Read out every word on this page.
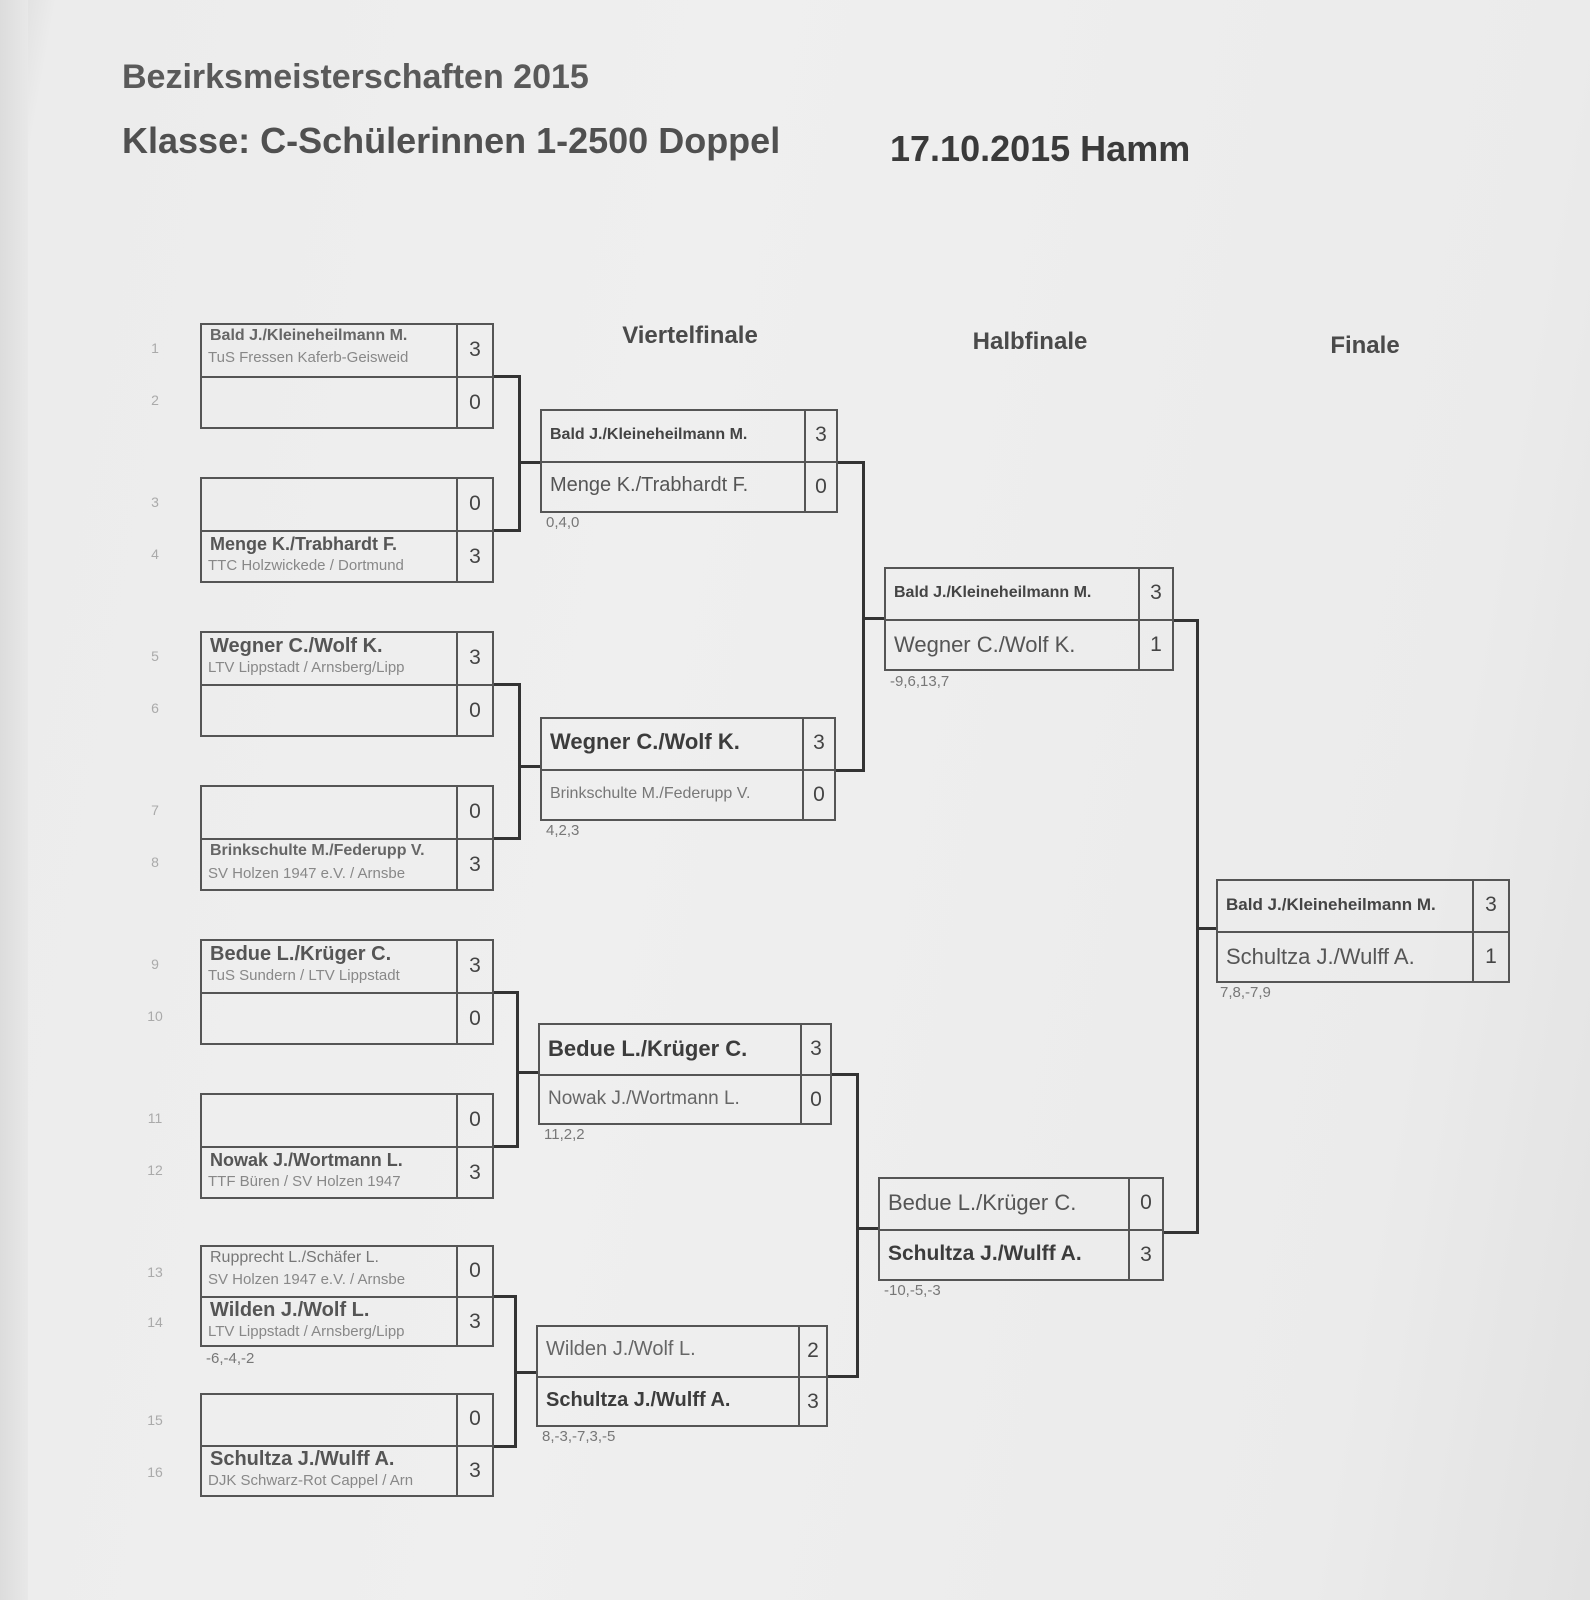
Bezirksmeisterschaften 2015
Klasse: C-Schülerinnen 1-2500 Doppel	17.10.2015 Hamm
Viertelfinale	Halbfinale	Finale
1
2
Bald J./Kleineheilmann M.
TuS Fressen Kaferb-Geisweid	3
0
3
4
0
Menge K./Trabhardt F.
TTC Holzwickede / Dortmund	3
5
6
Wegner C./Wolf K.
LTV Lippstadt / Arnsberg/Lipp	3
0
7
8
0
Brinkschulte M./Federupp V.
SV Holzen 1947 e.V. / Arnsbe	3
9
10
Bedue L./Krüger C.
TuS Sundern / LTV Lippstadt	3
0
11
12
0
Nowak J./Wortmann L.
TTF Büren / SV Holzen 1947	3
13
14
Rupprecht L./Schäfer L.
SV Holzen 1947 e.V. / Arnsbe	0
Wilden J./Wolf L.
LTV Lippstadt / Arnsberg/Lipp	3
-6,-4,-2
15
16
0
Schultza J./Wulff A.
DJK Schwarz-Rot Cappel / Arn	3
Bald J./Kleineheilmann M.	3
Menge K./Trabhardt F.	0
0,4,0
Wegner C./Wolf K.	3
Brinkschulte M./Federupp V.	0
4,2,3
Bedue L./Krüger C.	3
Nowak J./Wortmann L.	0
11,2,2
Wilden J./Wolf L.	2
Schultza J./Wulff A.	3
8,-3,-7,3,-5
Bald J./Kleineheilmann M.	3
Wegner C./Wolf K.	1
-9,6,13,7
Bedue L./Krüger C.	0
Schultza J./Wulff A.	3
-10,-5,-3
Bald J./Kleineheilmann M.	3
Schultza J./Wulff A.	1
7,8,-7,9
